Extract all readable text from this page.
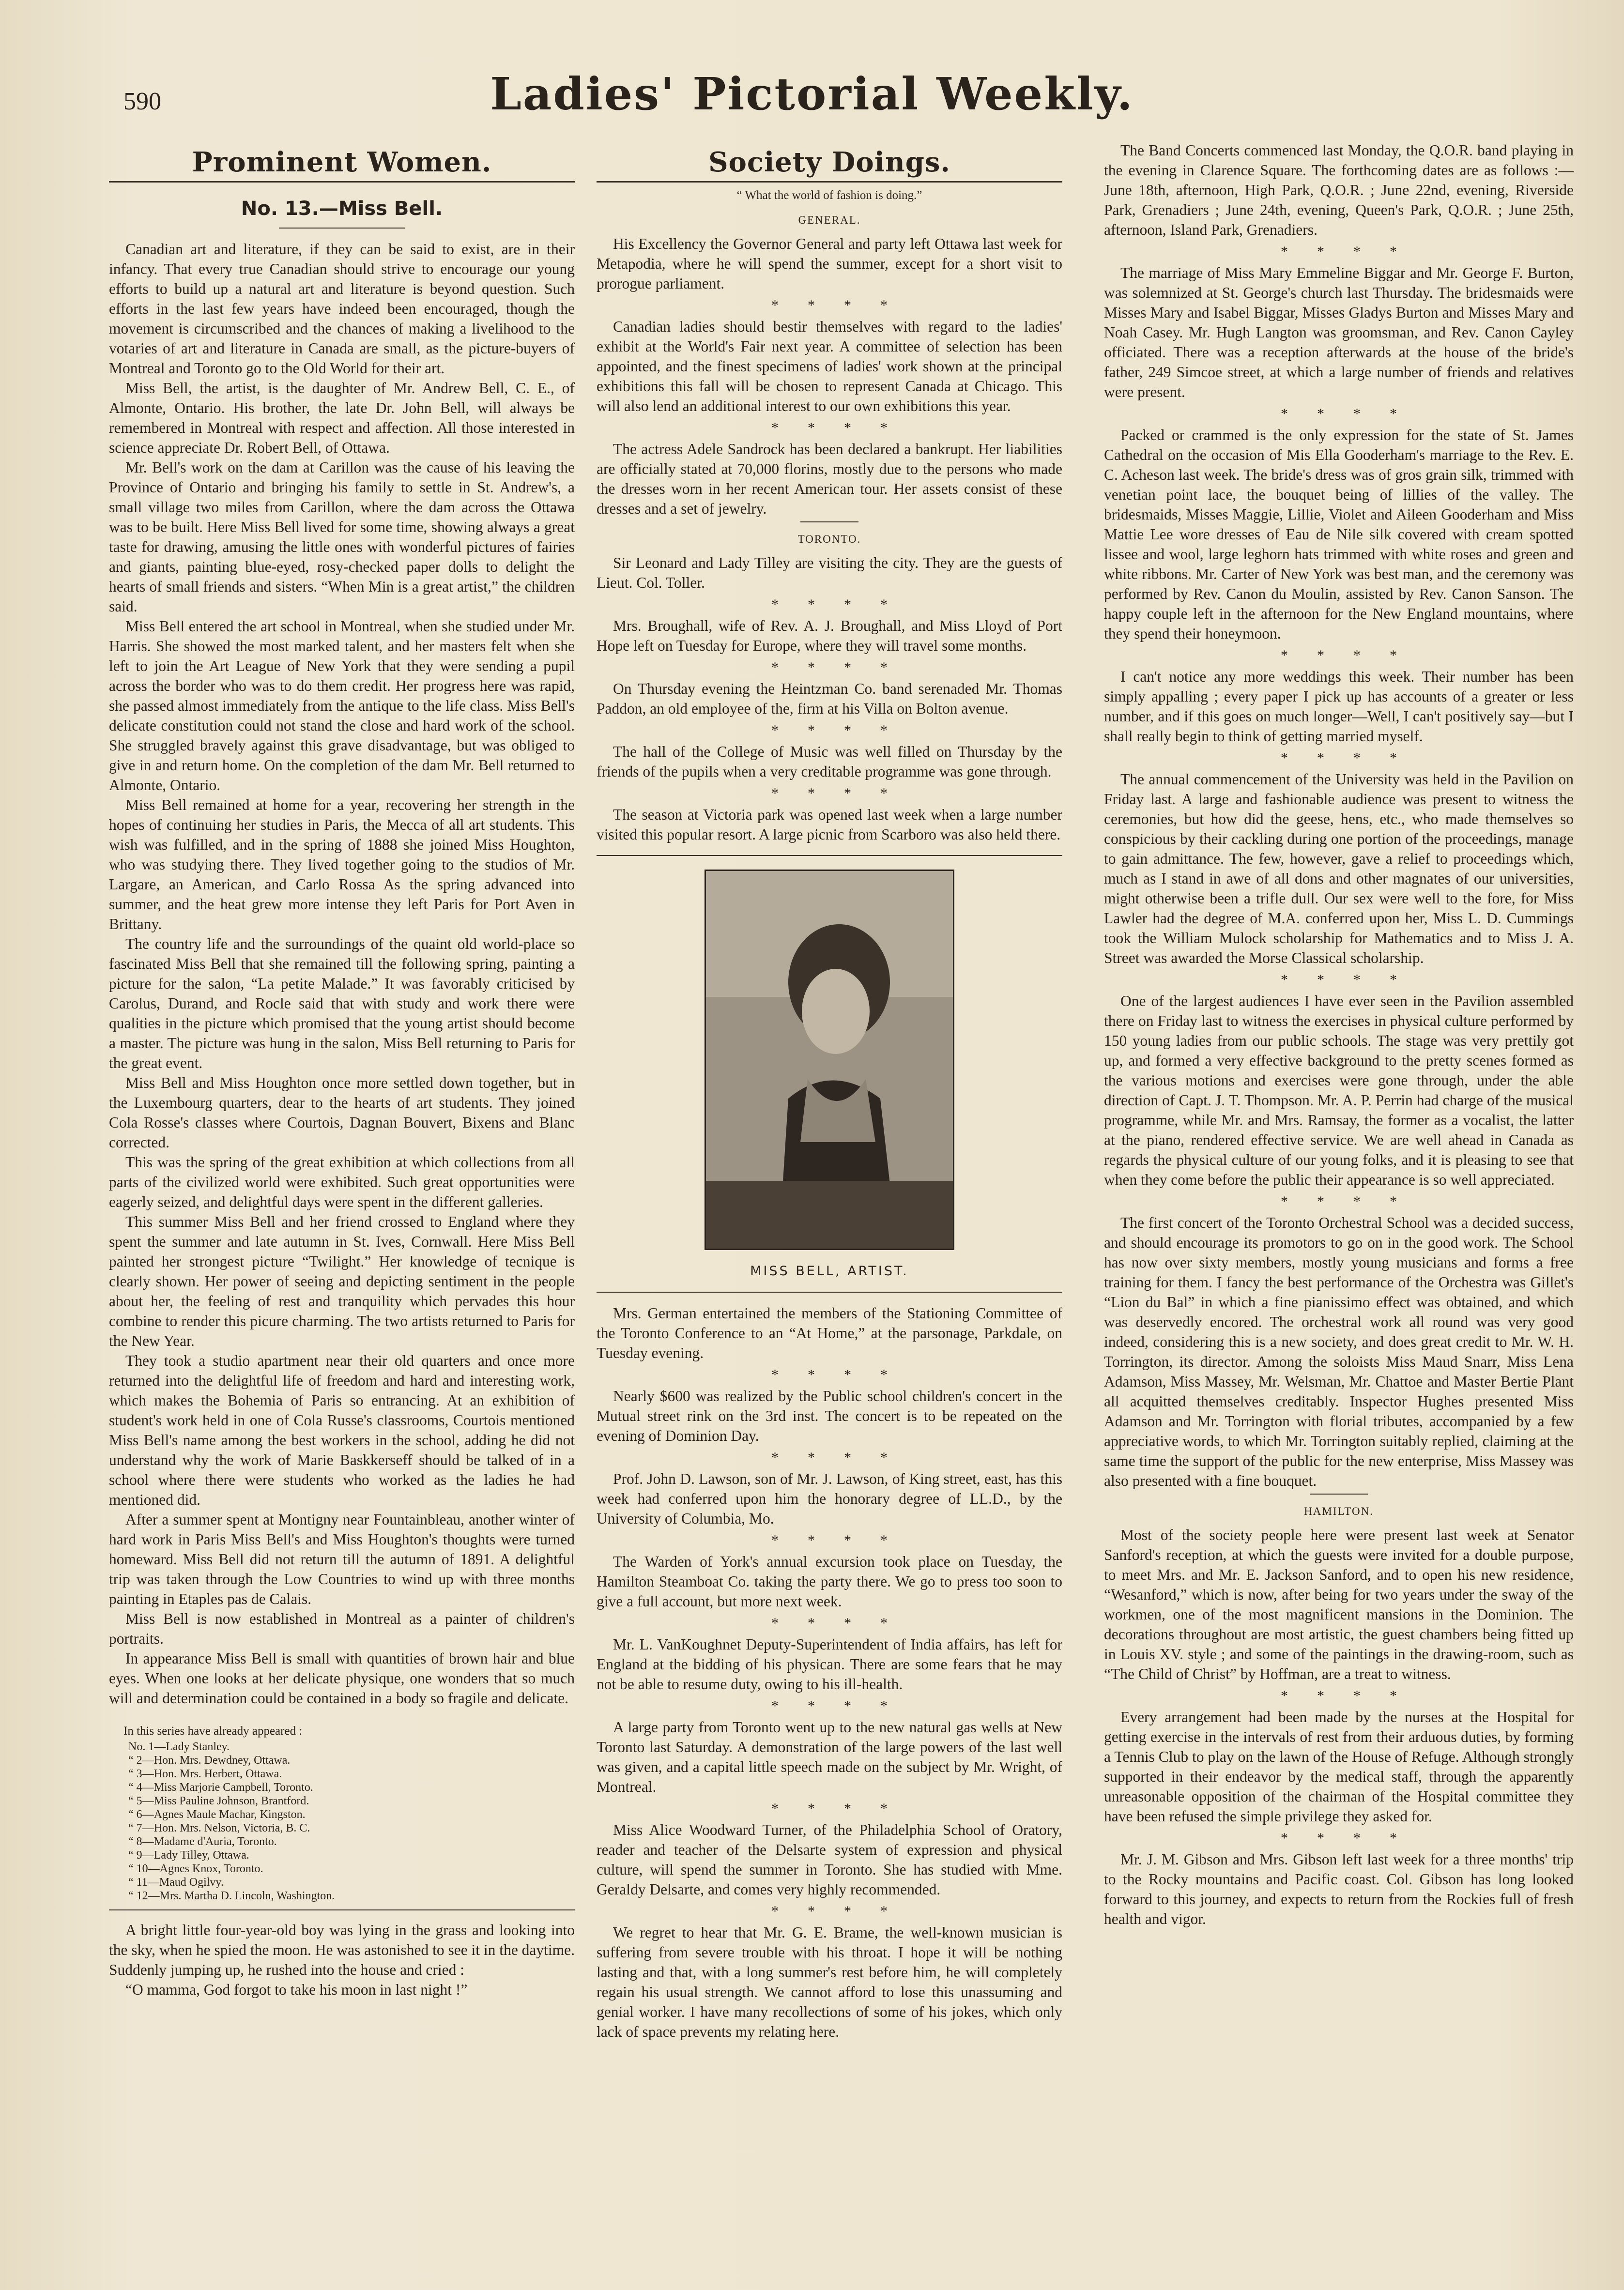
590	Ladies' Pictorial Weekly.
Prominent Women.
No. 13.—Miss Bell.

Canadian art and literature, if they can be said to exist, are in their infancy. That every true Canadian should strive to encourage our young efforts to build up a natural art and literature is beyond question. Such efforts in the last few years have indeed been encouraged, though the movement is circumscribed and the chances of making a livelihood to the votaries of art and literature in Canada are small, as the picture-buyers of Montreal and Toronto go to the Old World for their art.

Miss Bell, the artist, is the daughter of Mr. Andrew Bell, C. E., of Almonte, Ontario. His brother, the late Dr. John Bell, will always be remembered in Montreal with respect and affection. All those interested in science appreciate Dr. Robert Bell, of Ottawa.

Mr. Bell's work on the dam at Carillon was the cause of his leaving the Province of Ontario and bringing his family to settle in St. Andrew's, a small village two miles from Carillon, where the dam across the Ottawa was to be built. Here Miss Bell lived for some time, showing always a great taste for drawing, amusing the little ones with wonderful pictures of fairies and giants, painting blue-eyed, rosy-checked paper dolls to delight the hearts of small friends and sisters. “When Min is a great artist,” the children said.

Miss Bell entered the art school in Montreal, when she studied under Mr. Harris. She showed the most marked talent, and her masters felt when she left to join the Art League of New York that they were sending a pupil across the border who was to do them credit. Her progress here was rapid, she passed almost immediately from the antique to the life class. Miss Bell's delicate constitution could not stand the close and hard work of the school. She struggled bravely against this grave disadvantage, but was obliged to give in and return home. On the completion of the dam Mr. Bell returned to Almonte, Ontario.

Miss Bell remained at home for a year, recovering her strength in the hopes of continuing her studies in Paris, the Mecca of all art students. This wish was fulfilled, and in the spring of 1888 she joined Miss Houghton, who was studying there. They lived together going to the studios of Mr. Largare, an American, and Carlo Rossa As the spring advanced into summer, and the heat grew more intense they left Paris for Port Aven in Brittany.

The country life and the surroundings of the quaint old world-place so fascinated Miss Bell that she remained till the following spring, painting a picture for the salon, “La petite Malade.” It was favorably criticised by Carolus, Durand, and Rocle said that with study and work there were qualities in the picture which promised that the young artist should become a master. The picture was hung in the salon, Miss Bell returning to Paris for the great event.

Miss Bell and Miss Houghton once more settled down together, but in the Luxembourg quarters, dear to the hearts of art students. They joined Cola Rosse's classes where Courtois, Dagnan Bouvert, Bixens and Blanc corrected.

This was the spring of the great exhibition at which collections from all parts of the civilized world were exhibited. Such great opportunities were eagerly seized, and delightful days were spent in the different galleries.

This summer Miss Bell and her friend crossed to England where they spent the summer and late autumn in St. Ives, Cornwall. Here Miss Bell painted her strongest picture “Twilight.” Her knowledge of tecnique is clearly shown. Her power of seeing and depicting sentiment in the people about her, the feeling of rest and tranquility which pervades this hour combine to render this picure charming. The two artists returned to Paris for the New Year.

They took a studio apartment near their old quarters and once more returned into the delightful life of freedom and hard and interesting work, which makes the Bohemia of Paris so entrancing. At an exhibition of student's work held in one of Cola Russe's classrooms, Courtois mentioned Miss Bell's name among the best workers in the school, adding he did not understand why the work of Marie Baskkerseff should be talked of in a school where there were students who worked as the ladies he had mentioned did.

After a summer spent at Montigny near Fountainbleau, another winter of hard work in Paris Miss Bell's and Miss Houghton's thoughts were turned homeward. Miss Bell did not return till the autumn of 1891. A delightful trip was taken through the Low Countries to wind up with three months painting in Etaples pas de Calais.

Miss Bell is now established in Montreal as a painter of children's portraits.

In appearance Miss Bell is small with quantities of brown hair and blue eyes. When one looks at her delicate physique, one wonders that so much will and determination could be contained in a body so fragile and delicate.

In this series have already appeared :
No. 1—Lady Stanley.
“ 2—Hon. Mrs. Dewdney, Ottawa.
“ 3—Hon. Mrs. Herbert, Ottawa.
“ 4—Miss Marjorie Campbell, Toronto.
“ 5—Miss Pauline Johnson, Brantford.
“ 6—Agnes Maule Machar, Kingston.
“ 7—Hon. Mrs. Nelson, Victoria, B. C.
“ 8—Madame d'Auria, Toronto.
“ 9—Lady Tilley, Ottawa.
“ 10—Agnes Knox, Toronto.
“ 11—Maud Ogilvy.
“ 12—Mrs. Martha D. Lincoln, Washington.

A bright little four-year-old boy was lying in the grass and looking into the sky, when he spied the moon. He was astonished to see it in the daytime. Suddenly jumping up, he rushed into the house and cried :

“O mamma, God forgot to take his moon in last night !”

Society Doings.
“ What the world of fashion is doing.”
GENERAL.

His Excellency the Governor General and party left Ottawa last week for Metapodia, where he will spend the summer, except for a short visit to prorogue parliament.

****

Canadian ladies should bestir themselves with regard to the ladies' exhibit at the World's Fair next year. A committee of selection has been appointed, and the finest specimens of ladies' work shown at the principal exhibitions this fall will be chosen to represent Canada at Chicago. This will also lend an additional interest to our own exhibitions this year.

****

The actress Adele Sandrock has been declared a bankrupt. Her liabilities are officially stated at 70,000 florins, mostly due to the persons who made the dresses worn in her recent American tour. Her assets consist of these dresses and a set of jewelry.

TORONTO.

Sir Leonard and Lady Tilley are visiting the city. They are the guests of Lieut. Col. Toller.

****

Mrs. Broughall, wife of Rev. A. J. Broughall, and Miss Lloyd of Port Hope left on Tuesday for Europe, where they will travel some months.

****

On Thursday evening the Heintzman Co. band serenaded Mr. Thomas Paddon, an old employee of the, firm at his Villa on Bolton avenue.

****

The hall of the College of Music was well filled on Thursday by the friends of the pupils when a very creditable programme was gone through.

****

The season at Victoria park was opened last week when a large number visited this popular resort. A large picnic from Scarboro was also held there.

MISS BELL, ARTIST.

Mrs. German entertained the members of the Stationing Committee of the Toronto Conference to an “At Home,” at the parsonage, Parkdale, on Tuesday evening.

****

Nearly $600 was realized by the Public school children's concert in the Mutual street rink on the 3rd inst. The concert is to be repeated on the evening of Dominion Day.

****

Prof. John D. Lawson, son of Mr. J. Lawson, of King street, east, has this week had conferred upon him the honorary degree of LL.D., by the University of Columbia, Mo.

****

The Warden of York's annual excursion took place on Tuesday, the Hamilton Steamboat Co. taking the party there. We go to press too soon to give a full account, but more next week.

****

Mr. L. VanKoughnet Deputy-Superintendent of India affairs, has left for England at the bidding of his physican. There are some fears that he may not be able to resume duty, owing to his ill-health.

****

A large party from Toronto went up to the new natural gas wells at New Toronto last Saturday. A demonstration of the large powers of the last well was given, and a capital little speech made on the subject by Mr. Wright, of Montreal.

****

Miss Alice Woodward Turner, of the Philadelphia School of Oratory, reader and teacher of the Delsarte system of expression and physical culture, will spend the summer in Toronto. She has studied with Mme. Geraldy Delsarte, and comes very highly recommended.

****

We regret to hear that Mr. G. E. Brame, the well-known musician is suffering from severe trouble with his throat. I hope it will be nothing lasting and that, with a long summer's rest before him, he will completely regain his usual strength. We cannot afford to lose this unassuming and genial worker. I have many recollections of some of his jokes, which only lack of space prevents my relating here.

The Band Concerts commenced last Monday, the Q.O.R. band playing in the evening in Clarence Square. The forthcoming dates are as follows :—June 18th, afternoon, High Park, Q.O.R. ; June 22nd, evening, Riverside Park, Grenadiers ; June 24th, evening, Queen's Park, Q.O.R. ; June 25th, afternoon, Island Park, Grenadiers.

****

The marriage of Miss Mary Emmeline Biggar and Mr. George F. Burton, was solemnized at St. George's church last Thursday. The bridesmaids were Misses Mary and Isabel Biggar, Misses Gladys Burton and Misses Mary and Noah Casey. Mr. Hugh Langton was groomsman, and Rev. Canon Cayley officiated. There was a reception afterwards at the house of the bride's father, 249 Simcoe street, at which a large number of friends and relatives were present.

****

Packed or crammed is the only expression for the state of St. James Cathedral on the occasion of Mis Ella Gooderham's marriage to the Rev. E. C. Acheson last week. The bride's dress was of gros grain silk, trimmed with venetian point lace, the bouquet being of lillies of the valley. The bridesmaids, Misses Maggie, Lillie, Violet and Aileen Gooderham and Miss Mattie Lee wore dresses of Eau de Nile silk covered with cream spotted lissee and wool, large leghorn hats trimmed with white roses and green and white ribbons. Mr. Carter of New York was best man, and the ceremony was performed by Rev. Canon du Moulin, assisted by Rev. Canon Sanson. The happy couple left in the afternoon for the New England mountains, where they spend their honeymoon.

****

I can't notice any more weddings this week. Their number has been simply appalling ; every paper I pick up has accounts of a greater or less number, and if this goes on much longer—Well, I can't positively say—but I shall really begin to think of getting married myself.

****

The annual commencement of the University was held in the Pavilion on Friday last. A large and fashionable audience was present to witness the ceremonies, but how did the geese, hens, etc., who made themselves so conspicious by their cackling during one portion of the proceedings, manage to gain admittance. The few, however, gave a relief to proceedings which, much as I stand in awe of all dons and other magnates of our universities, might otherwise been a trifle dull. Our sex were well to the fore, for Miss Lawler had the degree of M.A. conferred upon her, Miss L. D. Cummings took the William Mulock scholarship for Mathematics and to Miss J. A. Street was awarded the Morse Classical scholarship.

****

One of the largest audiences I have ever seen in the Pavilion assembled there on Friday last to witness the exercises in physical culture performed by 150 young ladies from our public schools. The stage was very prettily got up, and formed a very effective background to the pretty scenes formed as the various motions and exercises were gone through, under the able direction of Capt. J. T. Thompson. Mr. A. P. Perrin had charge of the musical programme, while Mr. and Mrs. Ramsay, the former as a vocalist, the latter at the piano, rendered effective service. We are well ahead in Canada as regards the physical culture of our young folks, and it is pleasing to see that when they come before the public their appearance is so well appreciated.

****

The first concert of the Toronto Orchestral School was a decided success, and should encourage its promotors to go on in the good work. The School has now over sixty members, mostly young musicians and forms a free training for them. I fancy the best performance of the Orchestra was Gillet's “Lion du Bal” in which a fine pianissimo effect was obtained, and which was deservedly encored. The orchestral work all round was very good indeed, considering this is a new society, and does great credit to Mr. W. H. Torrington, its director. Among the soloists Miss Maud Snarr, Miss Lena Adamson, Miss Massey, Mr. Welsman, Mr. Chattoe and Master Bertie Plant all acquitted themselves creditably. Inspector Hughes presented Miss Adamson and Mr. Torrington with florial tributes, accompanied by a few appreciative words, to which Mr. Torrington suitably replied, claiming at the same time the support of the public for the new enterprise, Miss Massey was also presented with a fine bouquet.

HAMILTON.

Most of the society people here were present last week at Senator Sanford's reception, at which the guests were invited for a double purpose, to meet Mrs. and Mr. E. Jackson Sanford, and to open his new residence, “Wesanford,” which is now, after being for two years under the sway of the workmen, one of the most magnificent mansions in the Dominion. The decorations throughout are most artistic, the guest chambers being fitted up in Louis XV. style ; and some of the paintings in the drawing-room, such as “The Child of Christ” by Hoffman, are a treat to witness.

****

Every arrangement had been made by the nurses at the Hospital for getting exercise in the intervals of rest from their arduous duties, by forming a Tennis Club to play on the lawn of the House of Refuge. Although strongly supported in their endeavor by the medical staff, through the apparently unreasonable opposition of the chairman of the Hospital committee they have been refused the simple privilege they asked for.

****

Mr. J. M. Gibson and Mrs. Gibson left last week for a three months' trip to the Rocky mountains and Pacific coast. Col. Gibson has long looked forward to this journey, and expects to return from the Rockies full of fresh health and vigor.
